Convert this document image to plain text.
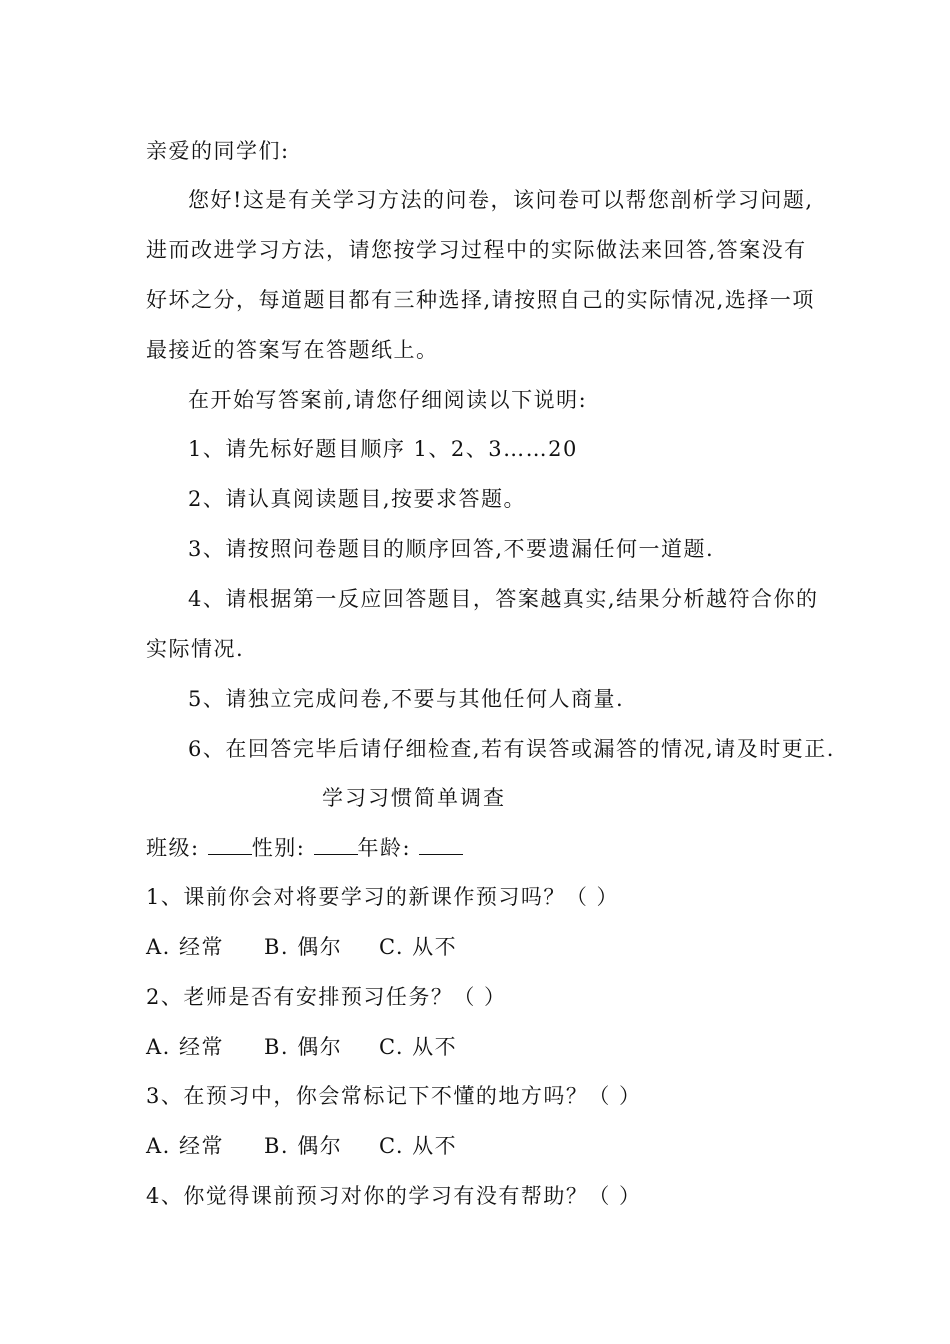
亲爱的同学们:
您好!这是有关学习方法的问卷，该问卷可以帮您剖析学习问题,
进而改进学习方法，请您按学习过程中的实际做法来回答,答案没有
好坏之分，每道题目都有三种选择,请按照自己的实际情况,选择一项
最接近的答案写在答题纸上。
在开始写答案前,请您仔细阅读以下说明:
1、请先标好题目顺序 1、2、3……20
2、请认真阅读题目,按要求答题。
3、请按照问卷题目的顺序回答,不要遗漏任何一道题.
4、请根据第一反应回答题目，答案越真实,结果分析越符合你的
实际情况.
5、请独立完成问卷,不要与其他任何人商量.
6、在回答完毕后请仔细检查,若有误答或漏答的情况,请及时更正.
学习习惯简单调查
班级: 性别: 年龄:
1、课前你会对将要学习的新课作预习吗？（ ）
A. 经常 B. 偶尔 C. 从不
2、老师是否有安排预习任务？（ ）
A. 经常 B. 偶尔 C. 从不
3、在预习中，你会常标记下不懂的地方吗？（ ）
A. 经常 B. 偶尔 C. 从不
4、你觉得课前预习对你的学习有没有帮助？（ ）
